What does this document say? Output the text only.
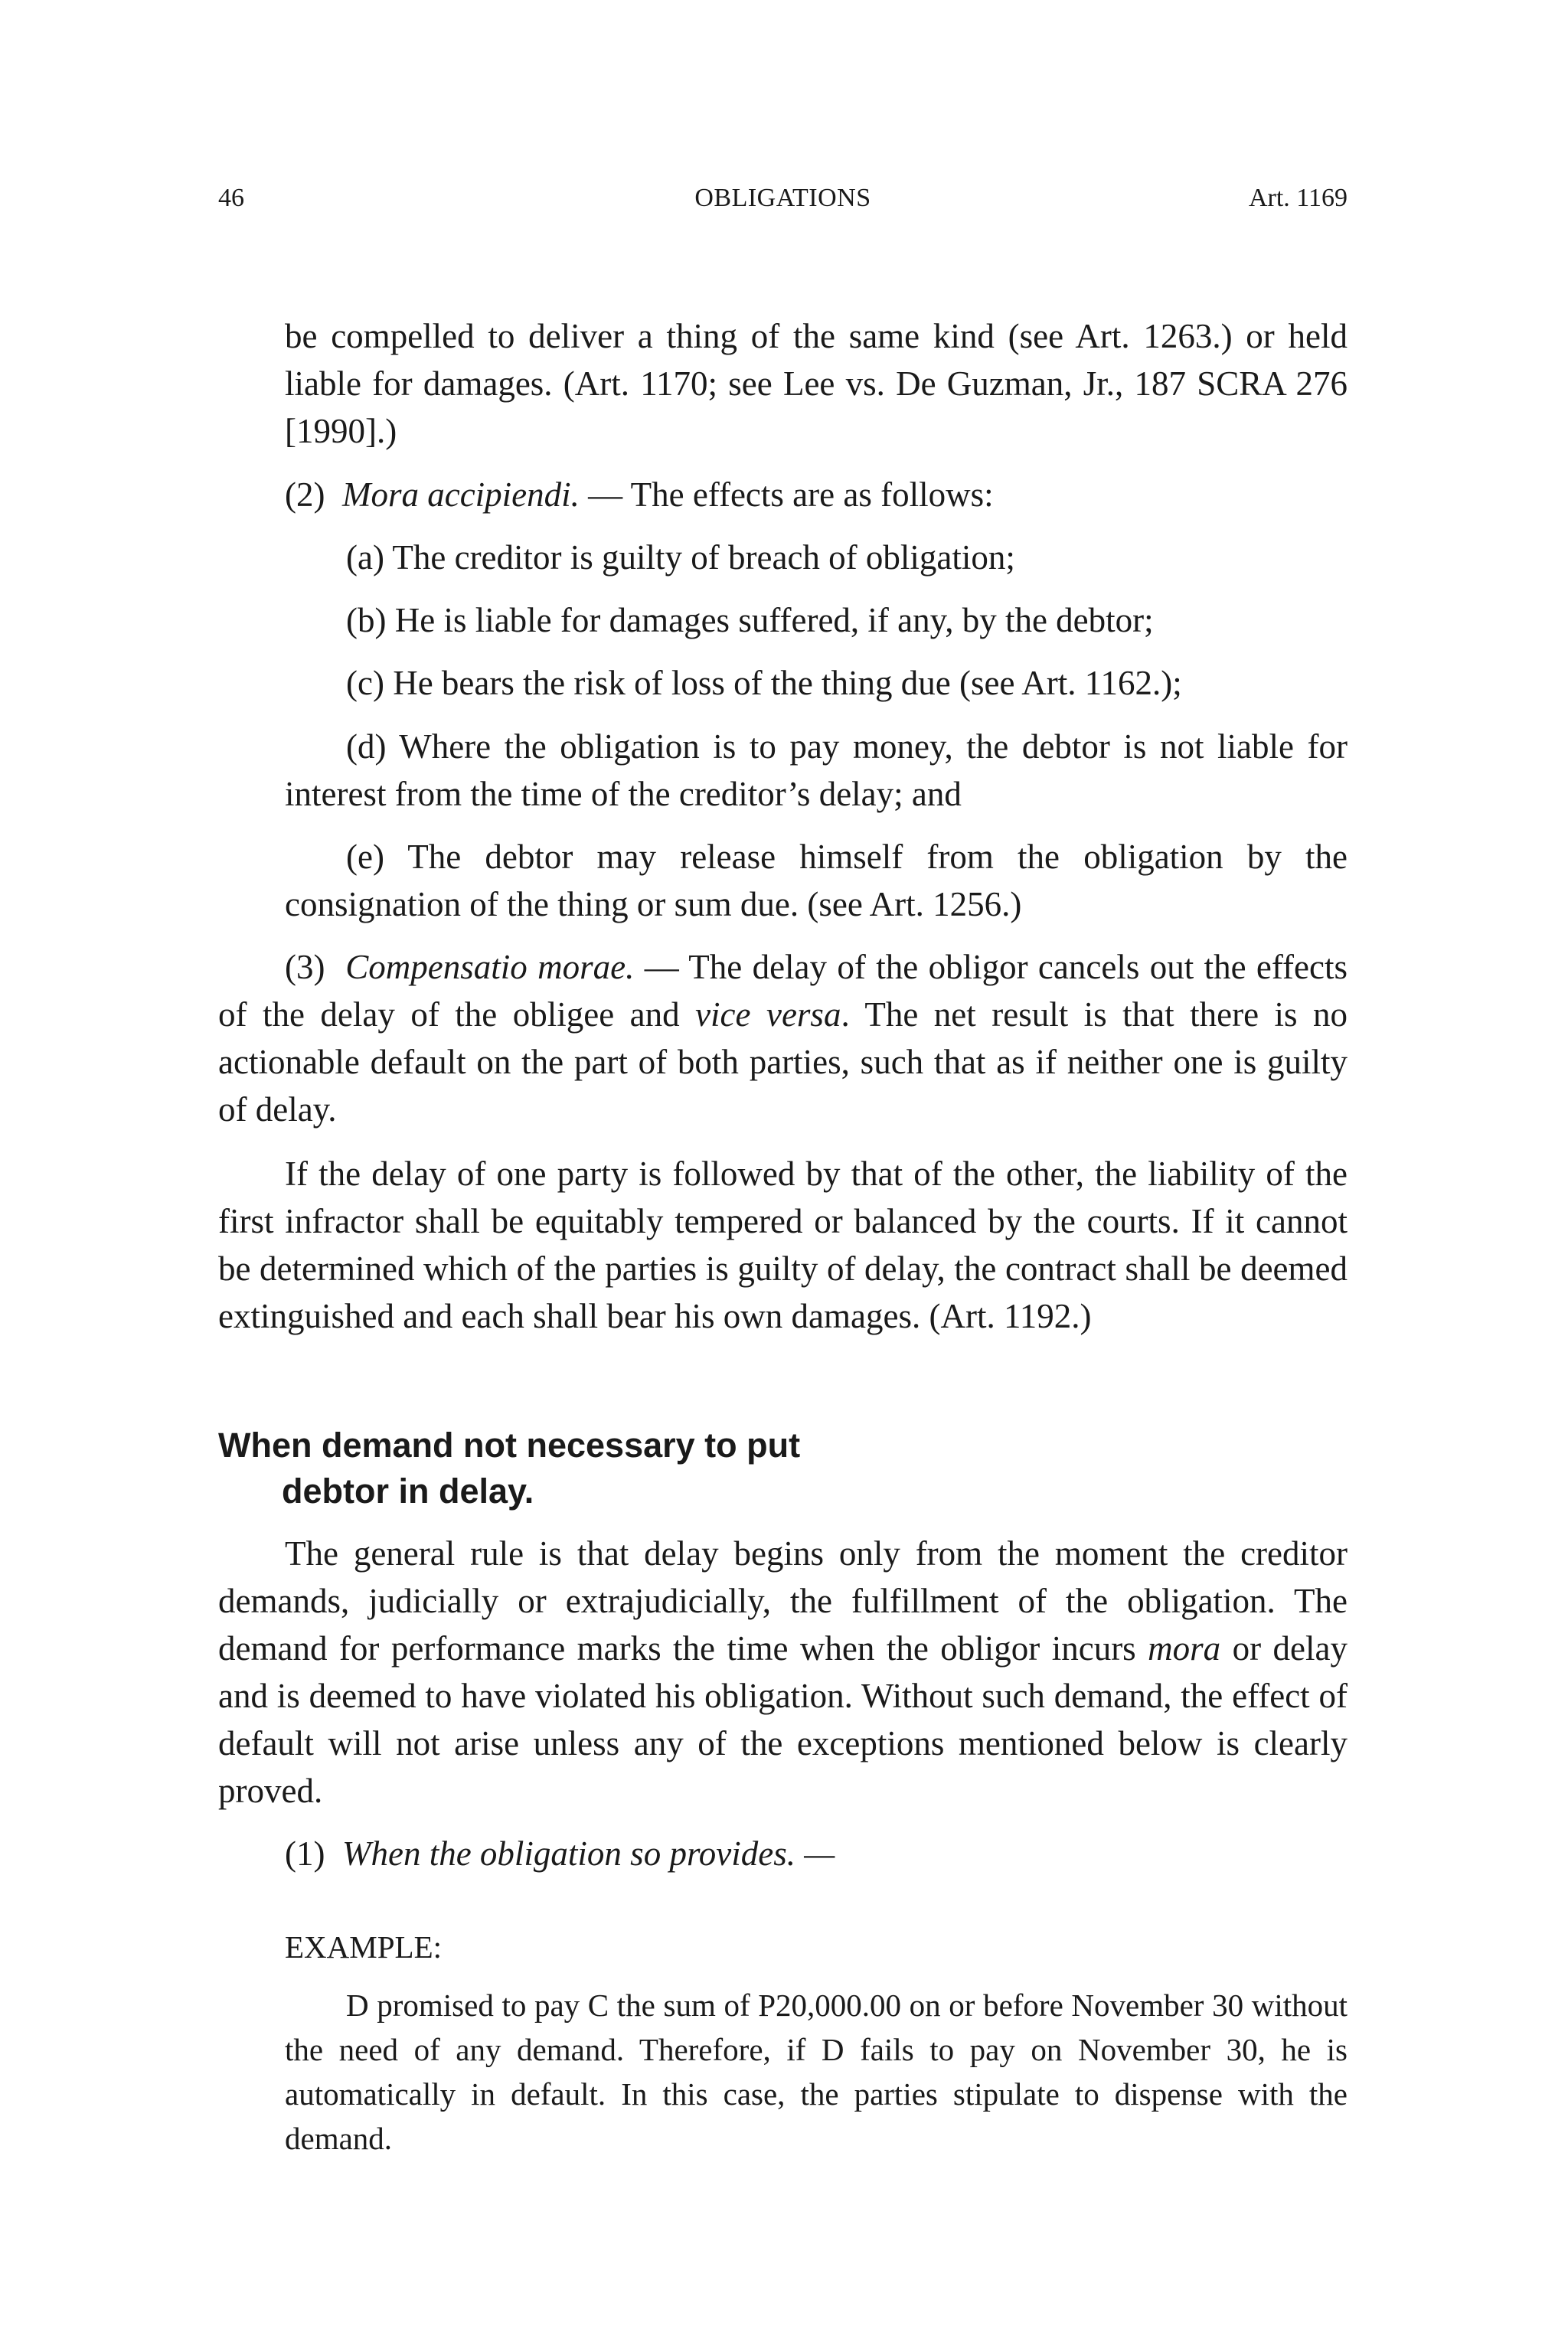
46	OBLIGATIONS	Art. 1169

be compelled to deliver a thing of the same kind (see Art. 1263.) or held liable for damages. (Art. 1170; see Lee vs. De Guzman, Jr., 187 SCRA 276 [1990].)

(2) Mora accipiendi. — The effects are as follows:

(a) The creditor is guilty of breach of obligation;

(b) He is liable for damages suffered, if any, by the debtor;

(c) He bears the risk of loss of the thing due (see Art. 1162.);

(d) Where the obligation is to pay money, the debtor is not liable for interest from the time of the creditor’s delay; and

(e) The debtor may release himself from the obligation by the consignation of the thing or sum due. (see Art. 1256.)

(3) Compensatio morae. — The delay of the obligor cancels out the effects of the delay of the obligee and vice versa. The net result is that there is no actionable default on the part of both parties, such that as if neither one is guilty of delay.

If the delay of one party is followed by that of the other, the liability of the first infractor shall be equitably tempered or balanced by the courts. If it cannot be determined which of the parties is guilty of delay, the contract shall be deemed extinguished and each shall bear his own damages. (Art. 1192.)

When demand not necessary to put
debtor in delay.

The general rule is that delay begins only from the moment the creditor demands, judicially or extrajudicially, the fulfillment of the obligation. The demand for performance marks the time when the obligor incurs mora or delay and is deemed to have violated his obligation. Without such demand, the effect of default will not arise unless any of the exceptions mentioned below is clearly proved.

(1) When the obligation so provides. —

EXAMPLE:

D promised to pay C the sum of P20,000.00 on or before November 30 without the need of any demand. Therefore, if D fails to pay on November 30, he is automatically in default. In this case, the parties stipulate to dispense with the demand.
